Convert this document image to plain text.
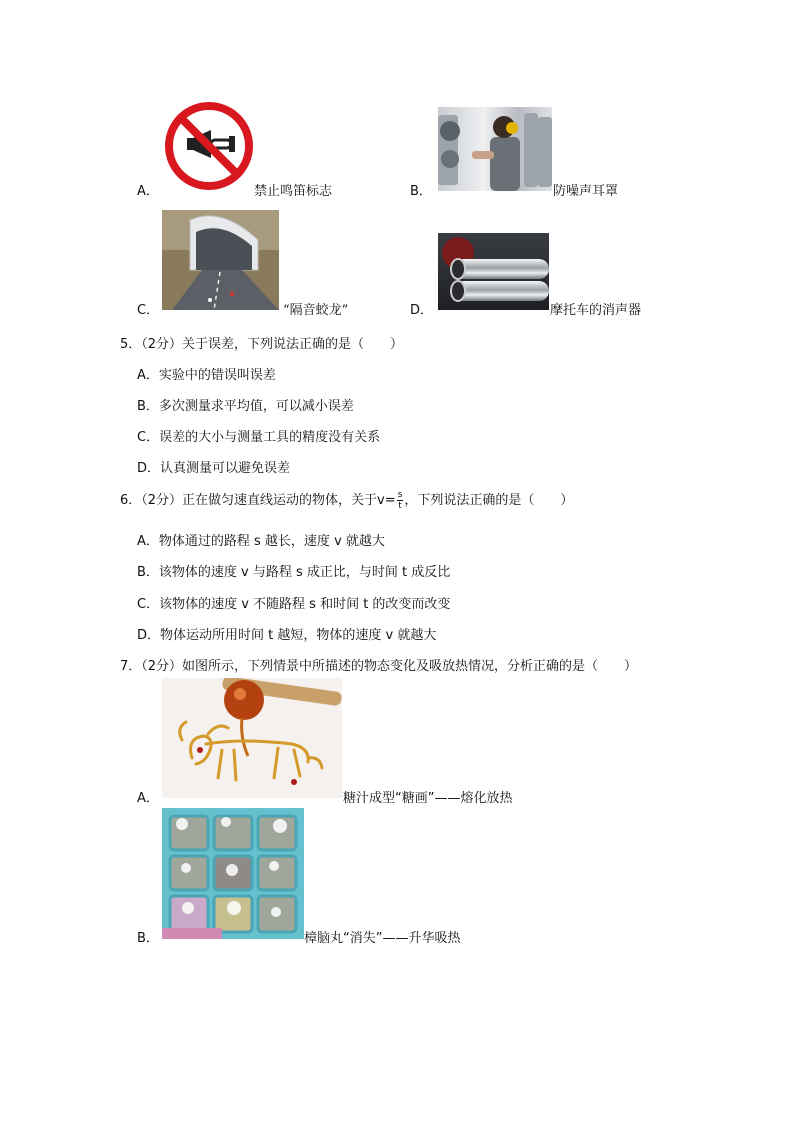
A．	禁止鸣笛标志	B．	防噪声耳罩
C．	“隔音蛟龙”	D．	摩托车的消声器
5．（2分）关于误差，下列说法正确的是（　　）
A．实验中的错误叫误差
B．多次测量求平均值，可以减小误差
C．误差的大小与测量工具的精度没有关系
D．认真测量可以避免误差
6．（2分）正在做匀速直线运动的物体，关于$v= \frac{s}{t}$ ，下列说法正确的是（　　）
A．物体通过的路程 s 越长，速度 v 就越大
B．该物体的速度 v 与路程 s 成正比，与时间 t 成反比
C．该物体的速度 v 不随路程 s 和时间 t 的改变而改变
D．物体运动所用时间 t 越短，物体的速度 v 就越大
7．（2分）如图所示，下列情景中所描述的物态变化及吸放热情况，分析正确的是（　　）
A．	糖汁成型“糖画”——熔化放热
B．	樟脑丸“消失”——升华吸热
